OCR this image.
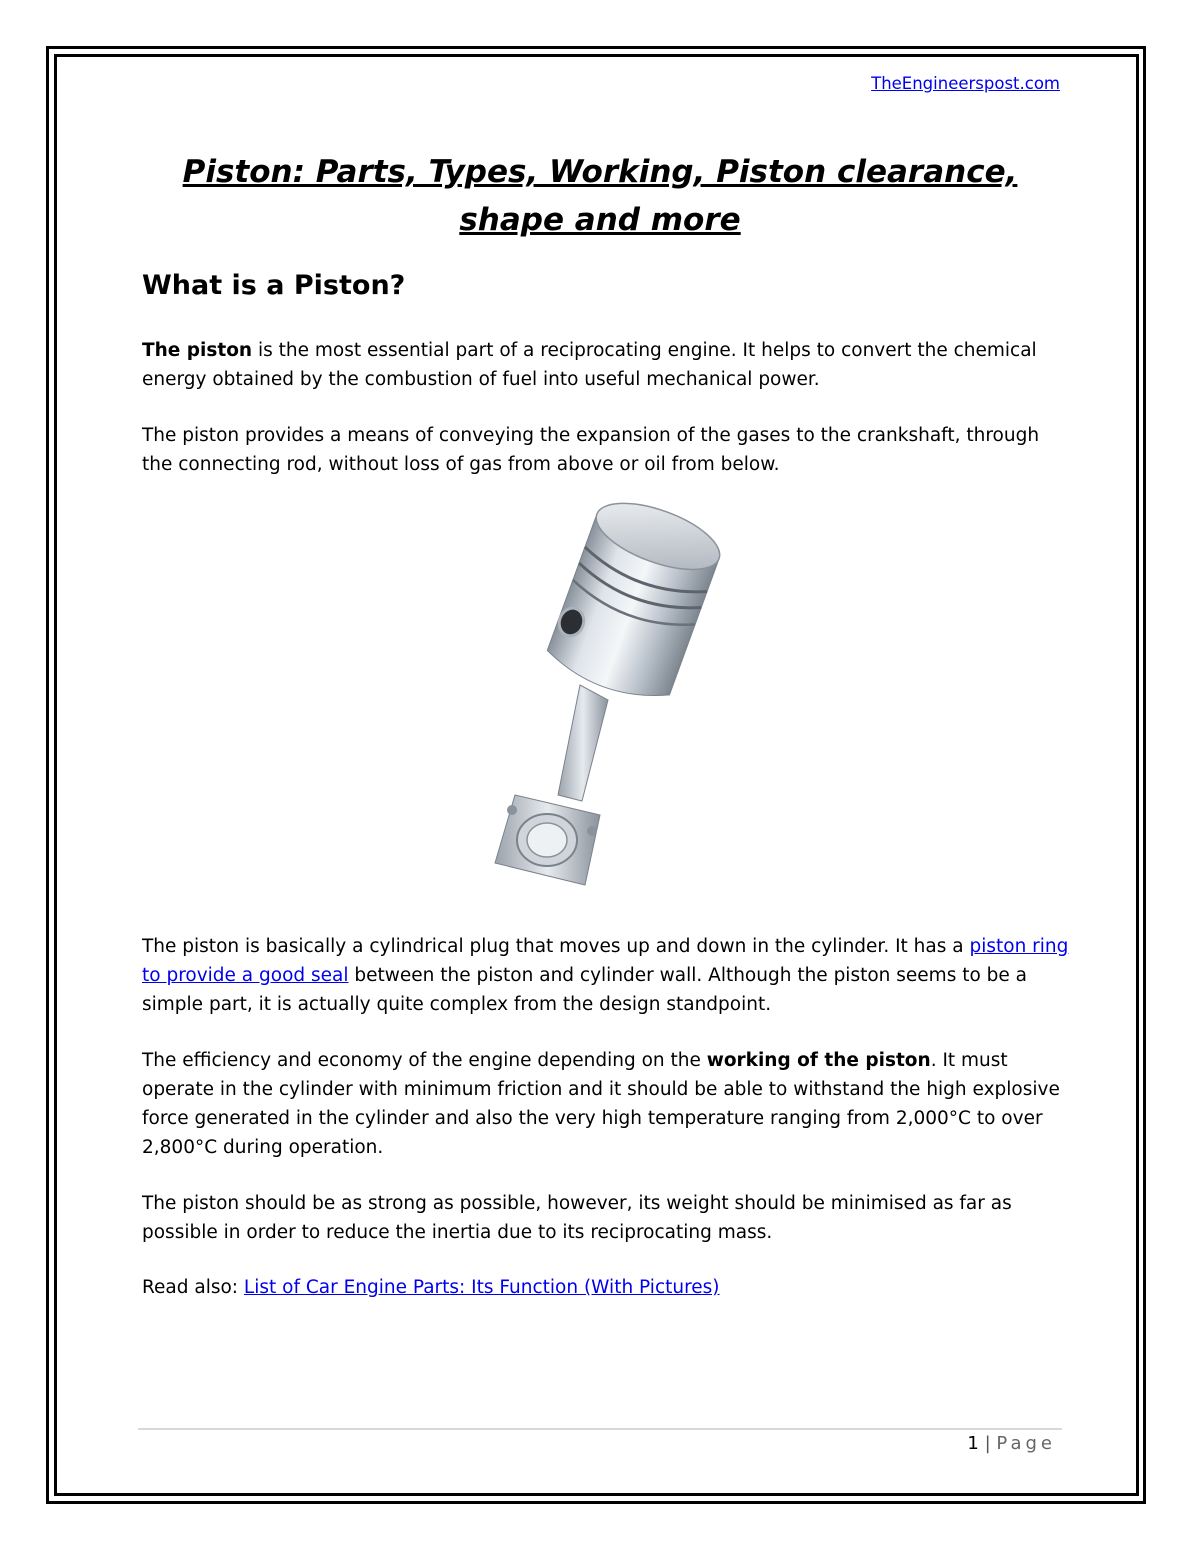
TheEngineerspost.com
Piston: Parts, Types, Working, Piston clearance, shape and more
What is a Piston?
The piston is the most essential part of a reciprocating engine. It helps to convert the chemical energy obtained by the combustion of fuel into useful mechanical power.
The piston provides a means of conveying the expansion of the gases to the crankshaft, through the connecting rod, without loss of gas from above or oil from below.
The piston is basically a cylindrical plug that moves up and down in the cylinder. It has a piston ring to provide a good seal between the piston and cylinder wall. Although the piston seems to be a simple part, it is actually quite complex from the design standpoint.
The efficiency and economy of the engine depending on the working of the piston. It must operate in the cylinder with minimum friction and it should be able to withstand the high explosive force generated in the cylinder and also the very high temperature ranging from 2,000°C to over 2,800°C during operation.
The piston should be as strong as possible, however, its weight should be minimised as far as possible in order to reduce the inertia due to its reciprocating mass.
Read also: List of Car Engine Parts: Its Function (With Pictures)
1 | Page
